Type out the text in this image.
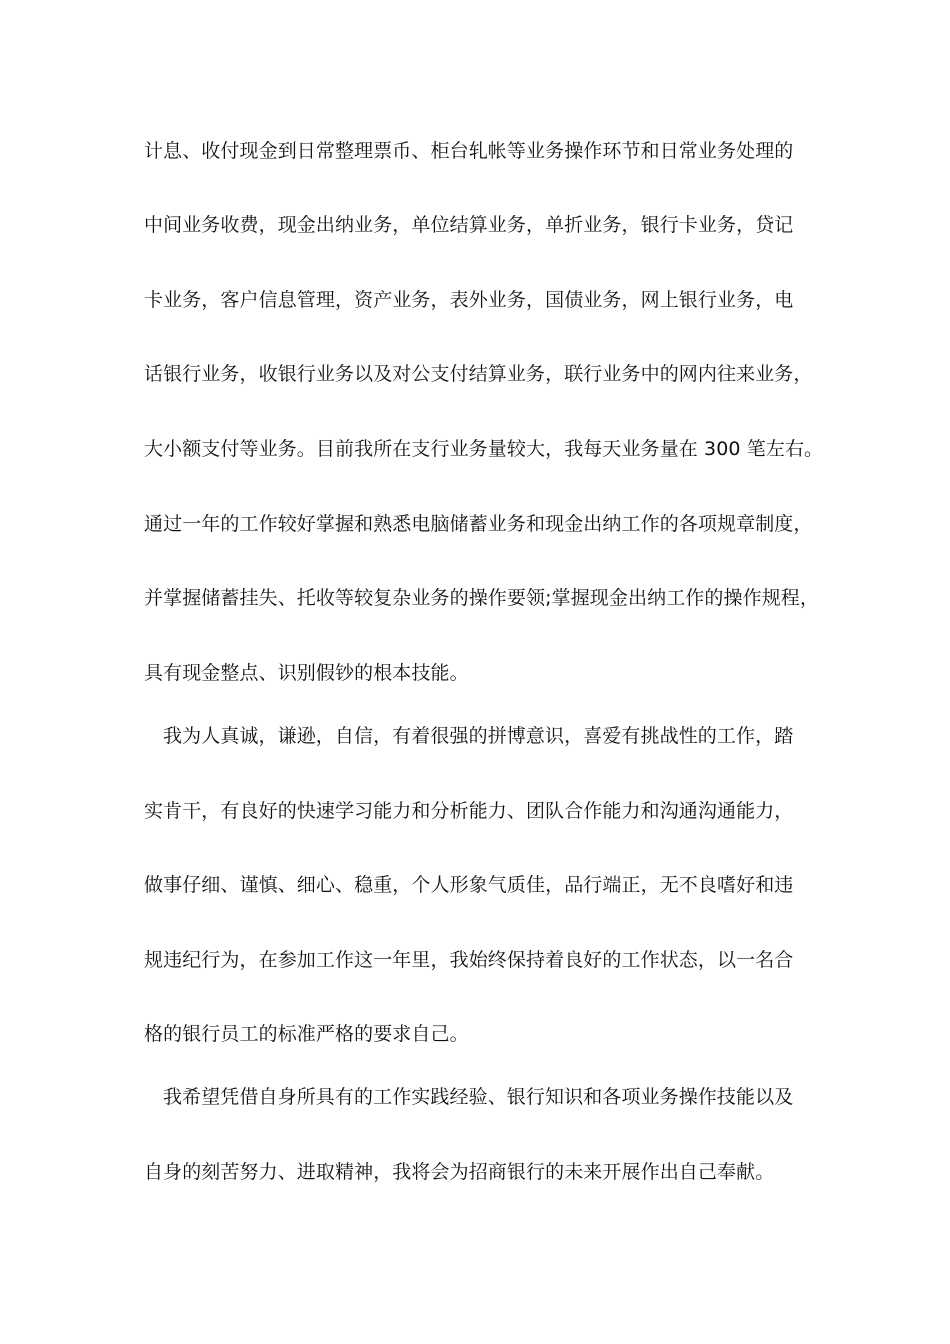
计息、收付现金到日常整理票币、柜台轧帐等业务操作环节和日常业务处理的
中间业务收费，现金出纳业务，单位结算业务，单折业务，银行卡业务，贷记
卡业务，客户信息管理，资产业务，表外业务，国债业务，网上银行业务，电
话银行业务，收银行业务以及对公支付结算业务，联行业务中的网内往来业务，
大小额支付等业务。目前我所在支行业务量较大，我每天业务量在 300 笔左右。
通过一年的工作较好掌握和熟悉电脑储蓄业务和现金出纳工作的各项规章制度，
并掌握储蓄挂失、托收等较复杂业务的操作要领;掌握现金出纳工作的操作规程，
具有现金整点、识别假钞的根本技能。
我为人真诚，谦逊，自信，有着很强的拼博意识，喜爱有挑战性的工作，踏
实肯干，有良好的快速学习能力和分析能力、团队合作能力和沟通沟通能力，
做事仔细、谨慎、细心、稳重，个人形象气质佳，品行端正，无不良嗜好和违
规违纪行为，在参加工作这一年里，我始终保持着良好的工作状态，以一名合
格的银行员工的标准严格的要求自己。
我希望凭借自身所具有的工作实践经验、银行知识和各项业务操作技能以及
自身的刻苦努力、进取精神，我将会为招商银行的未来开展作出自己奉献。
